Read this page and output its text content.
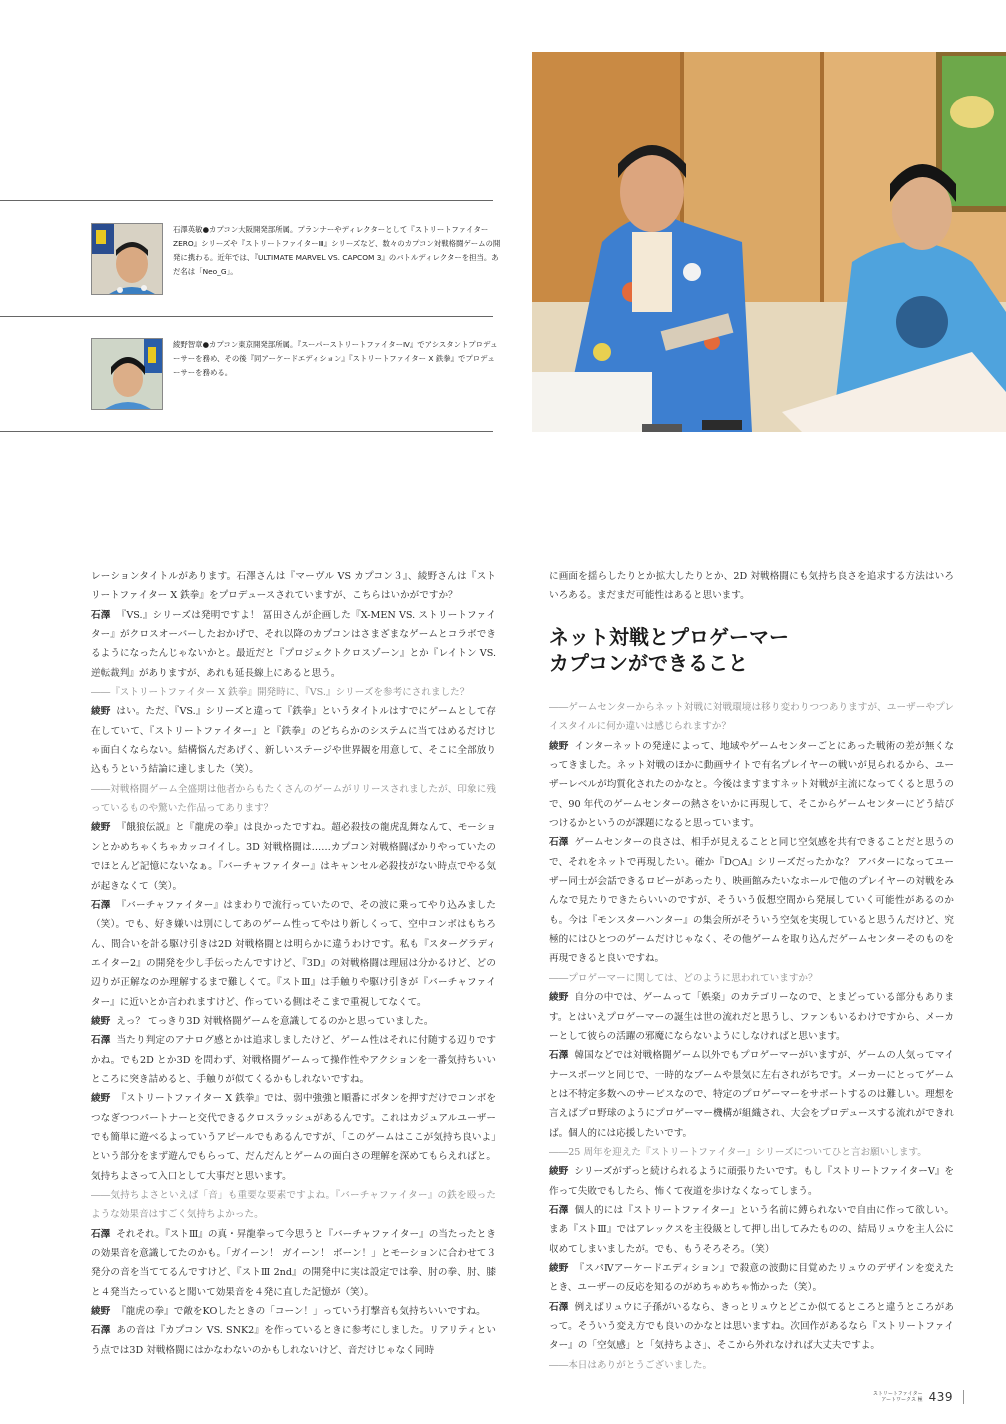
石澤英敏●カプコン大阪開発部所属。プランナーやディレクターとして『ストリートファイターZERO』シリーズや『ストリートファイターⅢ』シリーズなど、数々のカプコン対戦格闘ゲームの開発に携わる。近年では、『ULTIMATE MARVEL VS. CAPCOM 3』のバトルディレクターを担当。あだ名は「Neo_G」。
綾野智章●カプコン東京開発部所属。『スーパーストリートファイターⅣ』でアシスタントプロデューサーを務め、その後『同アーケードエディション』『ストリートファイター X 鉄拳』でプロデューサーを務める。

レーションタイトルがあります。石澤さんは『マーヴル VS カプコン３』、綾野さんは『ストリートファイター X 鉄拳』をプロデュースされていますが、こちらはいかがですか？

石澤 『VS.』シリーズは発明ですよ！ 冨田さんが企画した『X-MEN VS. ストリートファイター』がクロスオーバーしたおかげで、それ以降のカプコンはさまざまなゲームとコラボできるようになったんじゃないかと。最近だと『プロジェクトクロスゾーン』とか『レイトン VS. 逆転裁判』がありますが、あれも延長線上にあると思う。

――『ストリートファイター X 鉄拳』開発時に、『VS.』シリーズを参考にされました？

綾野 はい。ただ、『VS.』シリーズと違って『鉄拳』というタイトルはすでにゲームとして存在していて、『ストリートファイター』と『鉄拳』のどちらかのシステムに当てはめるだけじゃ面白くならない。結構悩んだあげく、新しいステージや世界観を用意して、そこに全部放り込もうという結論に達しました（笑）。

――対戦格闘ゲーム全盛期は他者からもたくさんのゲームがリリースされましたが、印象に残っているものや驚いた作品ってあります？

綾野 『餓狼伝説』と『龍虎の拳』は良かったですね。超必殺技の龍虎乱舞なんて、モーションとかめちゃくちゃカッコイイし。3D 対戦格闘は……カプコン対戦格闘ばかりやっていたのでほとんど記憶にないなぁ。『バーチャファイター』はキャンセル必殺技がない時点でやる気が起きなくて（笑）。

石澤 『バーチャファイター』はまわりで流行っていたので、その波に乗ってやり込みました（笑）。でも、好き嫌いは別にしてあのゲーム性ってやはり新しくって、空中コンボはもちろん、間合いを計る駆け引きは2D 対戦格闘とは明らかに違うわけです。私も『スターグラディエイター2』の開発を少し手伝ったんですけど、『3D』の対戦格闘は理屈は分かるけど、どの辺りが正解なのか理解するまで難しくて。『ストⅢ』は手触りや駆け引きが『バーチャファイター』に近いとか言われますけど、作っている側はそこまで重視してなくて。

綾野 えっ？ てっきり3D 対戦格闘ゲームを意識してるのかと思っていました。

石澤 当たり判定のアナログ感とかは追求しましたけど、ゲーム性はそれに付随する辺りですかね。でも2D とか3D を問わず、対戦格闘ゲームって操作性やアクションを一番気持ちいいところに突き詰めると、手触りが似てくるかもしれないですね。

綾野 『ストリートファイター X 鉄拳』では、弱中強強と順番にボタンを押すだけでコンボをつなぎつつパートナーと交代できるクロスラッシュがあるんです。これはカジュアルユーザーでも簡単に遊べるよっていうアピールでもあるんですが、「このゲームはここが気持ち良いよ」という部分をまず遊んでもらって、だんだんとゲームの面白さの理解を深めてもらえればと。気持ちよさって入口として大事だと思います。

――気持ちよさといえば「音」も重要な要素ですよね。『バーチャファイター』の鉄を殴ったような効果音はすごく気持ちよかった。

石澤 それそれ。『ストⅢ』の真・昇龍拳って今思うと『バーチャファイター』の当たったときの効果音を意識してたのかも。「ガイーン！ ガイーン！ ボーン！」とモーションに合わせて３発分の音を当ててるんですけど、『ストⅢ 2nd』の開発中に実は設定では拳、肘の拳、肘、膝と４発当たっていると聞いて効果音を４発に直した記憶が（笑）。

綾野 『龍虎の拳』で敵をKOしたときの「コーン！」っていう打撃音も気持ちいいですね。

石澤 あの音は『カプコン VS. SNK2』を作っているときに参考にしました。リアリティという点では3D 対戦格闘にはかなわないのかもしれないけど、音だけじゃなく同時

に画面を揺らしたりとか拡大したりとか、2D 対戦格闘にも気持ち良さを追求する方法はいろいろある。まだまだ可能性はあると思います。

ネット対戦とプロゲーマー
カプコンができること

――ゲームセンターからネット対戦に対戦環境は移り変わりつつありますが、ユーザーやプレイスタイルに何か違いは感じられますか？

綾野 インターネットの発達によって、地域やゲームセンターごとにあった戦術の差が無くなってきました。ネット対戦のほかに動画サイトで有名プレイヤーの戦いが見られるから、ユーザーレベルが均質化されたのかなと。今後はますますネット対戦が主流になってくると思うので、90 年代のゲームセンターの熱さをいかに再現して、そこからゲームセンターにどう結びつけるかというのが課題になると思っています。

石澤 ゲームセンターの良さは、相手が見えることと同じ空気感を共有できることだと思うので、それをネットで再現したい。確か『D○A』シリーズだったかな？ アバターになってユーザー同士が会話できるロビーがあったり、映画館みたいなホールで他のプレイヤーの対戦をみんなで見たりできたらいいのですが、そういう仮想空間から発展していく可能性があるのかも。今は『モンスターハンター』の集会所がそういう空気を実現していると思うんだけど、究極的にはひとつのゲームだけじゃなく、その他ゲームを取り込んだゲームセンターそのものを再現できると良いですね。

――プロゲーマーに関しては、どのように思われていますか？

綾野 自分の中では、ゲームって「娯楽」のカテゴリーなので、とまどっている部分もあります。とはいえプロゲーマーの誕生は世の流れだと思うし、ファンもいるわけですから、メーカーとして彼らの活躍の邪魔にならないようにしなければと思います。

石澤 韓国などでは対戦格闘ゲーム以外でもプロゲーマーがいますが、ゲームの人気ってマイナースポーツと同じで、一時的なブームや景気に左右されがちです。メーカーにとってゲームとは不特定多数へのサービスなので、特定のプロゲーマーをサポートするのは難しい。理想を言えばプロ野球のようにプロゲーマー機構が組織され、大会をプロデュースする流れができれば。個人的には応援したいです。

――25 周年を迎えた『ストリートファイター』シリーズについてひと言お願いします。

綾野 シリーズがずっと続けられるように頑張りたいです。もし『ストリートファイターⅤ』を作って失敗でもしたら、怖くて夜道を歩けなくなってしまう。

石澤 個人的には『ストリートファイター』という名前に縛られないで自由に作って欲しい。まあ『ストⅢ』ではアレックスを主役級として押し出してみたものの、結局リュウを主人公に収めてしまいましたが。でも、もうそろそろ。（笑）

綾野 『スパⅣアーケードエディション』で殺意の波動に目覚めたリュウのデザインを変えたとき、ユーザーの反応を知るのがめちゃめちゃ怖かった（笑）。

石澤 例えばリュウに子孫がいるなら、きっとリュウとどこか似てるところと違うところがあって。そういう変え方でも良いのかなとは思いますね。次回作があるなら『ストリートファイター』の「空気感」と「気持ちよさ」、そこから外れなければ大丈夫ですよ。

――本日はありがとうございました。

ストリートファイター
アートワークス 極 439
